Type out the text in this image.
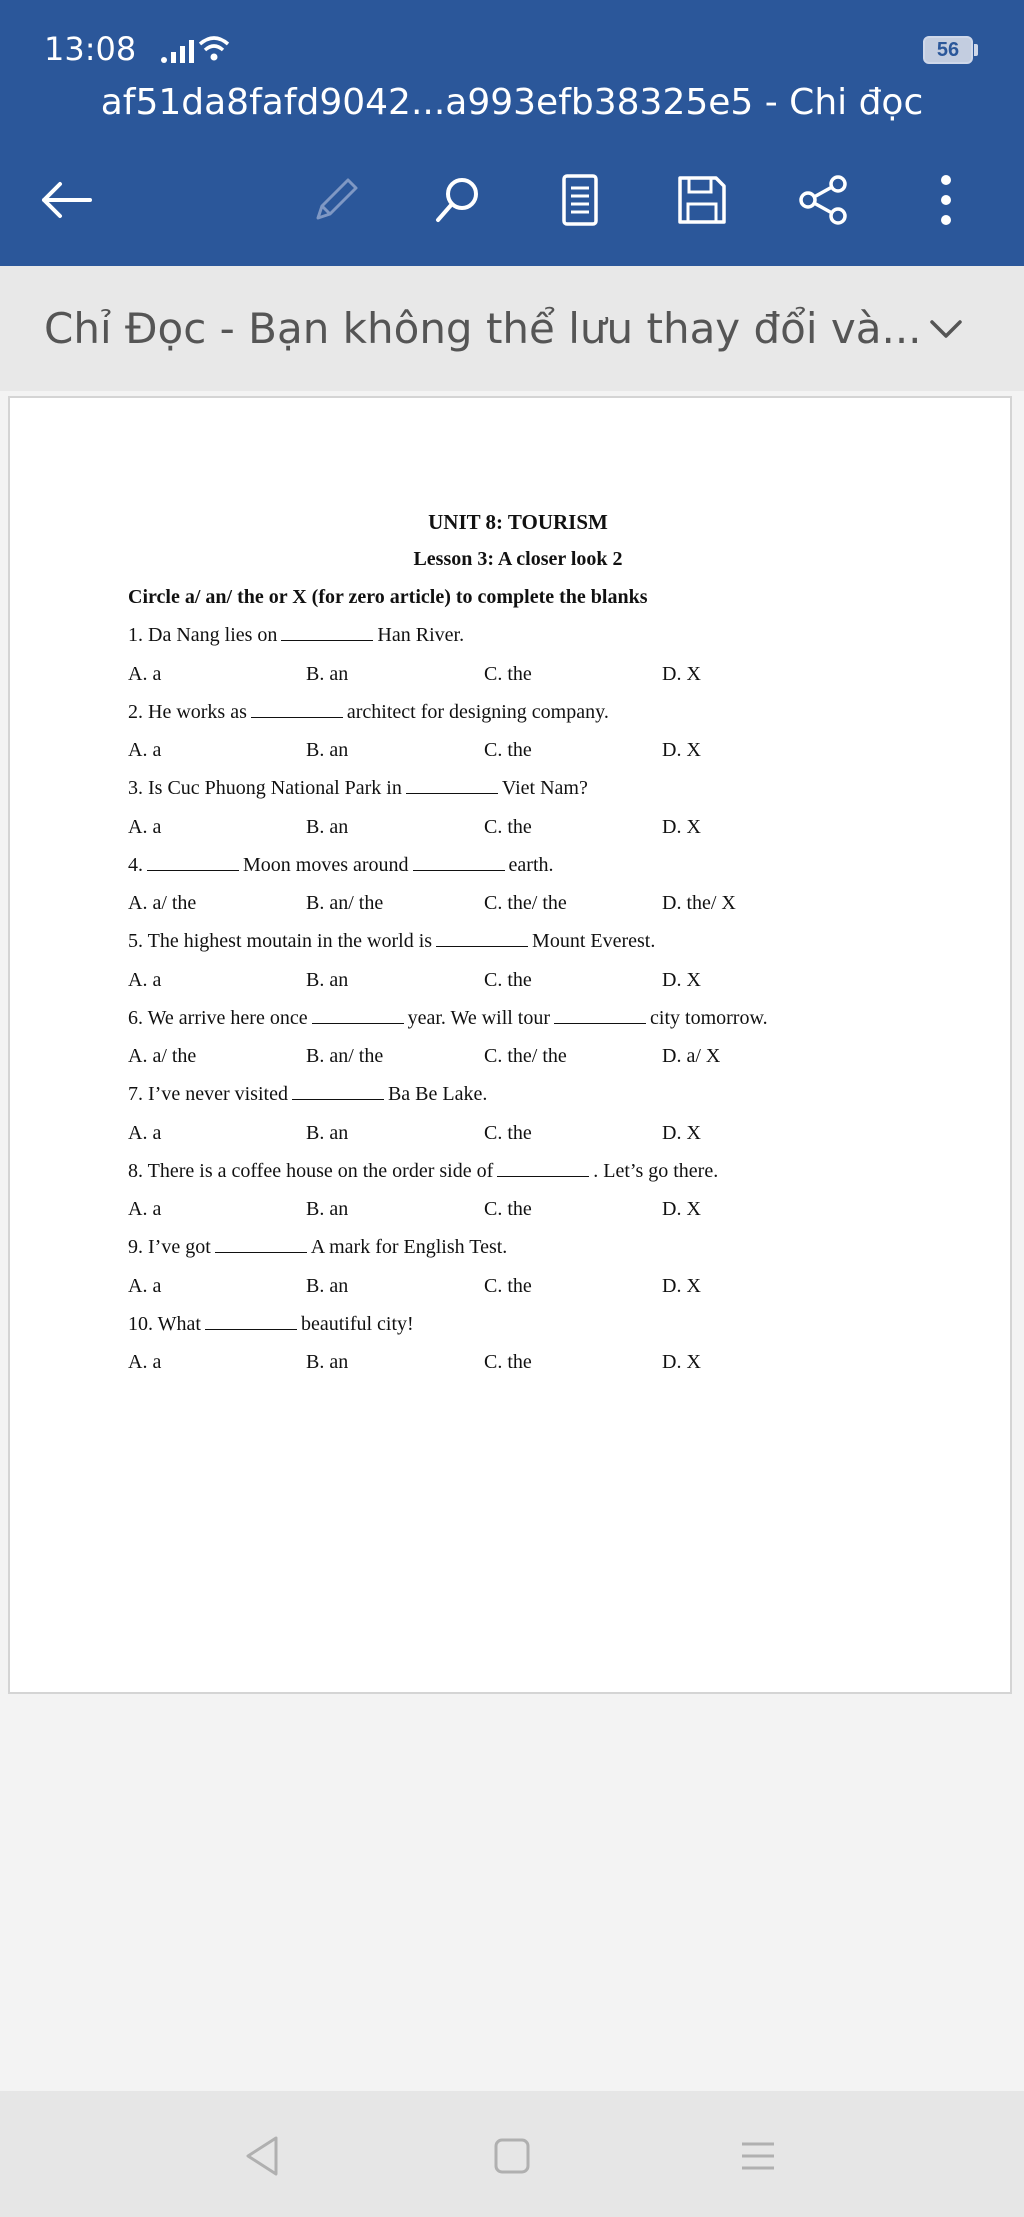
13:08	56
af51da8fafd9042...a993efb38325e5 - Chi đọc
Chỉ Đọc - Bạn không thể lưu thay đổi và...
UNIT 8: TOURISM
Lesson 3: A closer look 2
Circle a/ an/ the or X (for zero article) to complete the blanks
1. Da Nang lies on	Han River.
A. a	B. an	C. the	D. X
2. He works as	architect for designing company.
A. a	B. an	C. the	D. X
3. Is Cuc Phuong National Park in	Viet Nam?
A. a	B. an	C. the	D. X
4.	Moon moves around	earth.
A. a/ the	B. an/ the	C. the/ the	D. the/ X
5. The highest moutain in the world is	Mount Everest.
A. a	B. an	C. the	D. X
6. We arrive here once	year. We will tour	city tomorrow.
A. a/ the	B. an/ the	C. the/ the	D. a/ X
7. I’ve never visited	Ba Be Lake.
A. a	B. an	C. the	D. X
8. There is a coffee house on the order side of	. Let’s go there.
A. a	B. an	C. the	D. X
9. I’ve got	A mark for English Test.
A. a	B. an	C. the	D. X
10. What	beautiful city!
A. a	B. an	C. the	D. X
